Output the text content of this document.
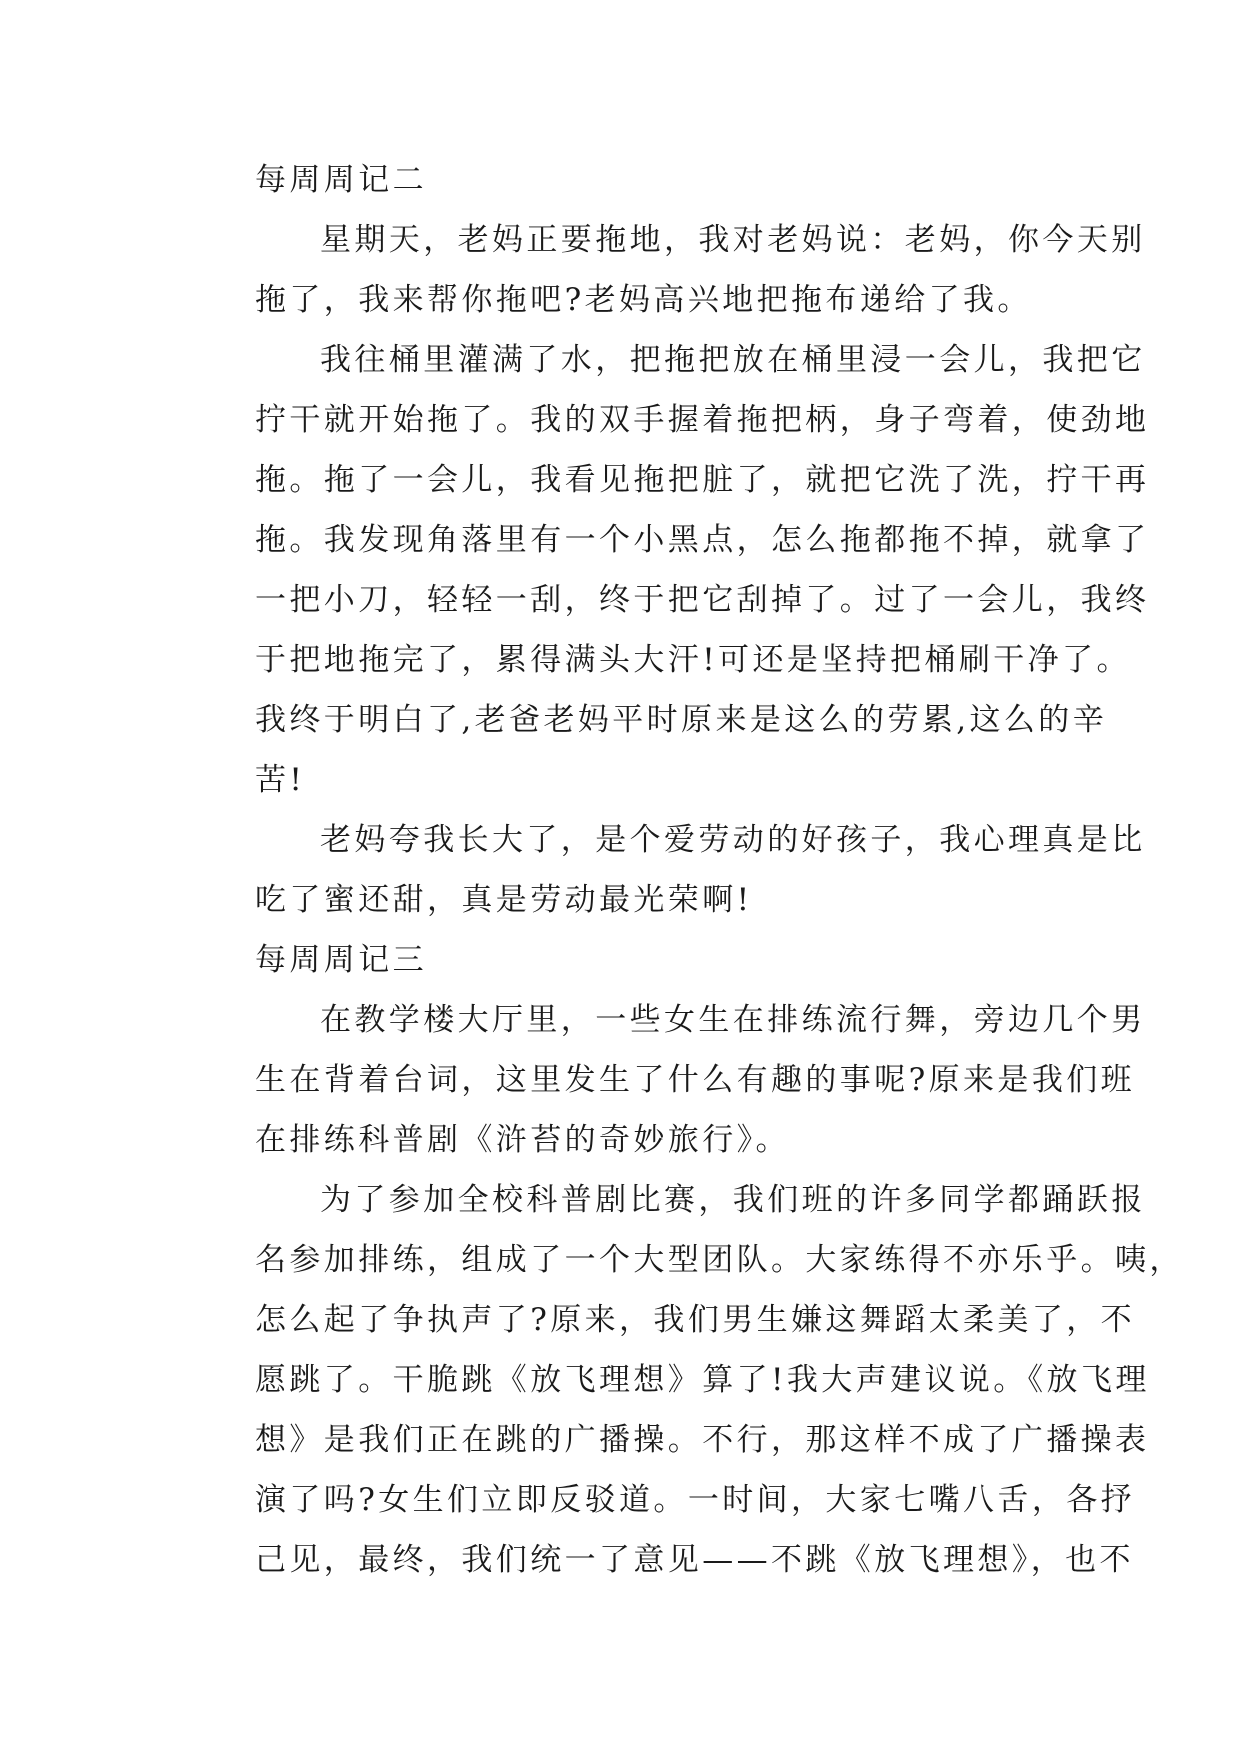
每周周记二
星期天，老妈正要拖地，我对老妈说：老妈，你今天别
拖了，我来帮你拖吧?老妈高兴地把拖布递给了我。
我往桶里灌满了水，把拖把放在桶里浸一会儿，我把它
拧干就开始拖了。我的双手握着拖把柄，身子弯着，使劲地
拖。拖了一会儿，我看见拖把脏了，就把它洗了洗，拧干再
拖。我发现角落里有一个小黑点，怎么拖都拖不掉，就拿了
一把小刀，轻轻一刮，终于把它刮掉了。过了一会儿，我终
于把地拖完了，累得满头大汗!可还是坚持把桶刷干净了。
我终于明白了,老爸老妈平时原来是这么的劳累,这么的辛
苦!
老妈夸我长大了，是个爱劳动的好孩子，我心理真是比
吃了蜜还甜，真是劳动最光荣啊!
每周周记三
在教学楼大厅里，一些女生在排练流行舞，旁边几个男
生在背着台词，这里发生了什么有趣的事呢?原来是我们班
在排练科普剧《浒苔的奇妙旅行》。
为了参加全校科普剧比赛，我们班的许多同学都踊跃报
名参加排练，组成了一个大型团队。大家练得不亦乐乎。咦，
怎么起了争执声了?原来，我们男生嫌这舞蹈太柔美了，不
愿跳了。干脆跳《放飞理想》算了!我大声建议说。《放飞理
想》是我们正在跳的广播操。不行，那这样不成了广播操表
演了吗?女生们立即反驳道。一时间，大家七嘴八舌，各抒
己见，最终，我们统一了意见——不跳《放飞理想》，也不
